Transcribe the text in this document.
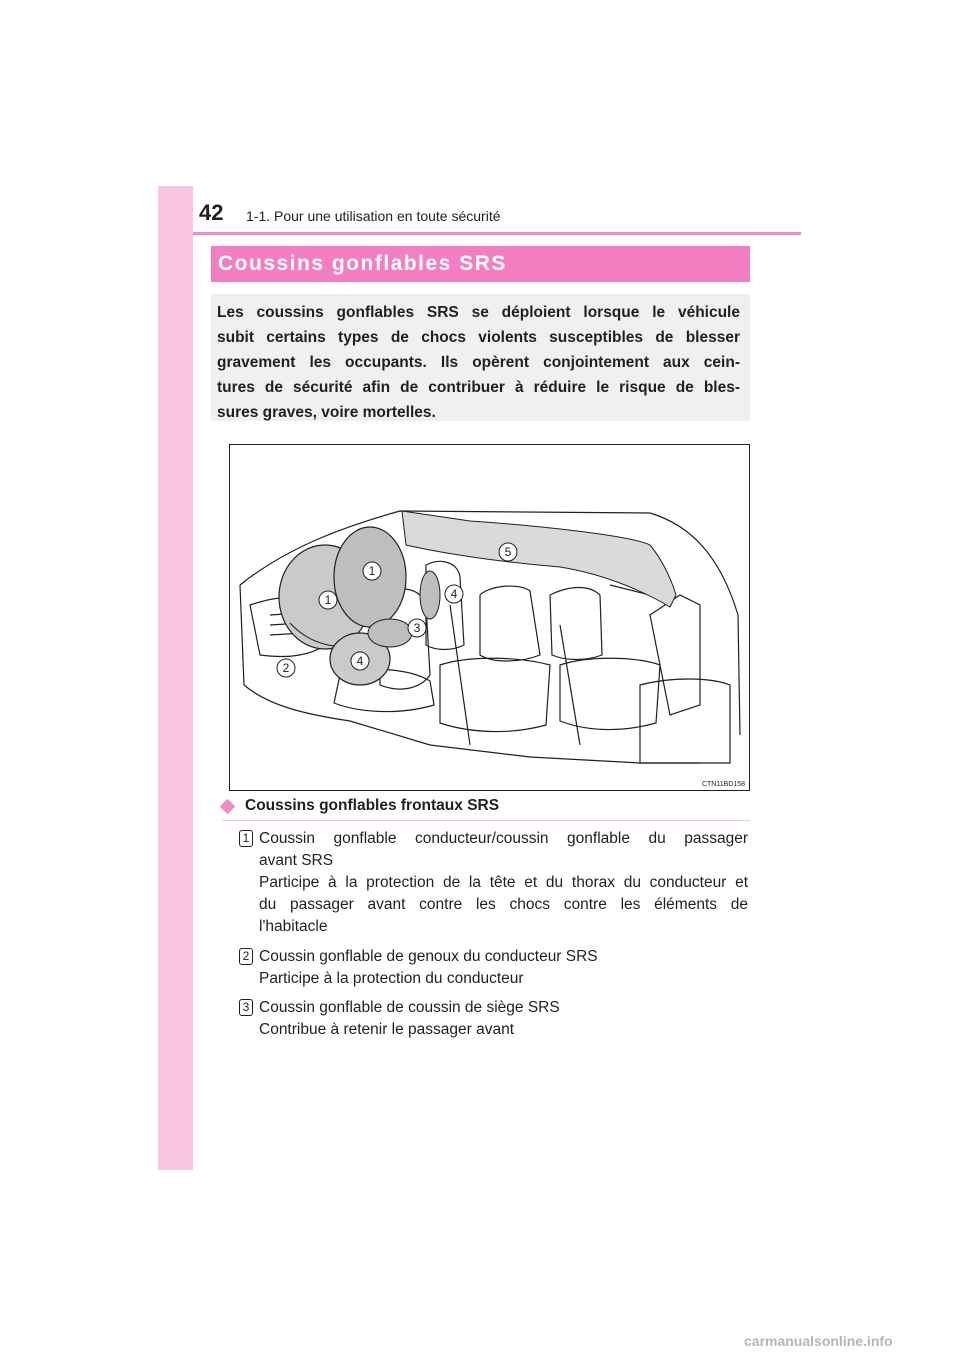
42 1-1. Pour une utilisation en toute sécurité
Coussins gonflables SRS

Les coussins gonflables SRS se déploient lorsque le véhicule

subit certains types de chocs violents susceptibles de blesser

gravement les occupants. Ils opèrent conjointement aux cein-

tures de sécurité afin de contribuer à réduire le risque de bles-

sures graves, voire mortelles.

1
1
2
3
4
4
5
CTN11BD158
Coussins gonflables frontaux SRS
1 Coussin gonflable conducteur/coussin gonflable du passager
avant SRS
Participe à la protection de la tête et du thorax du conducteur et
du passager avant contre les chocs contre les éléments de
l'habitacle
2 Coussin gonflable de genoux du conducteur SRS
Participe à la protection du conducteur
3 Coussin gonflable de coussin de siège SRS
Contribue à retenir le passager avant
carmanualsonline.info
